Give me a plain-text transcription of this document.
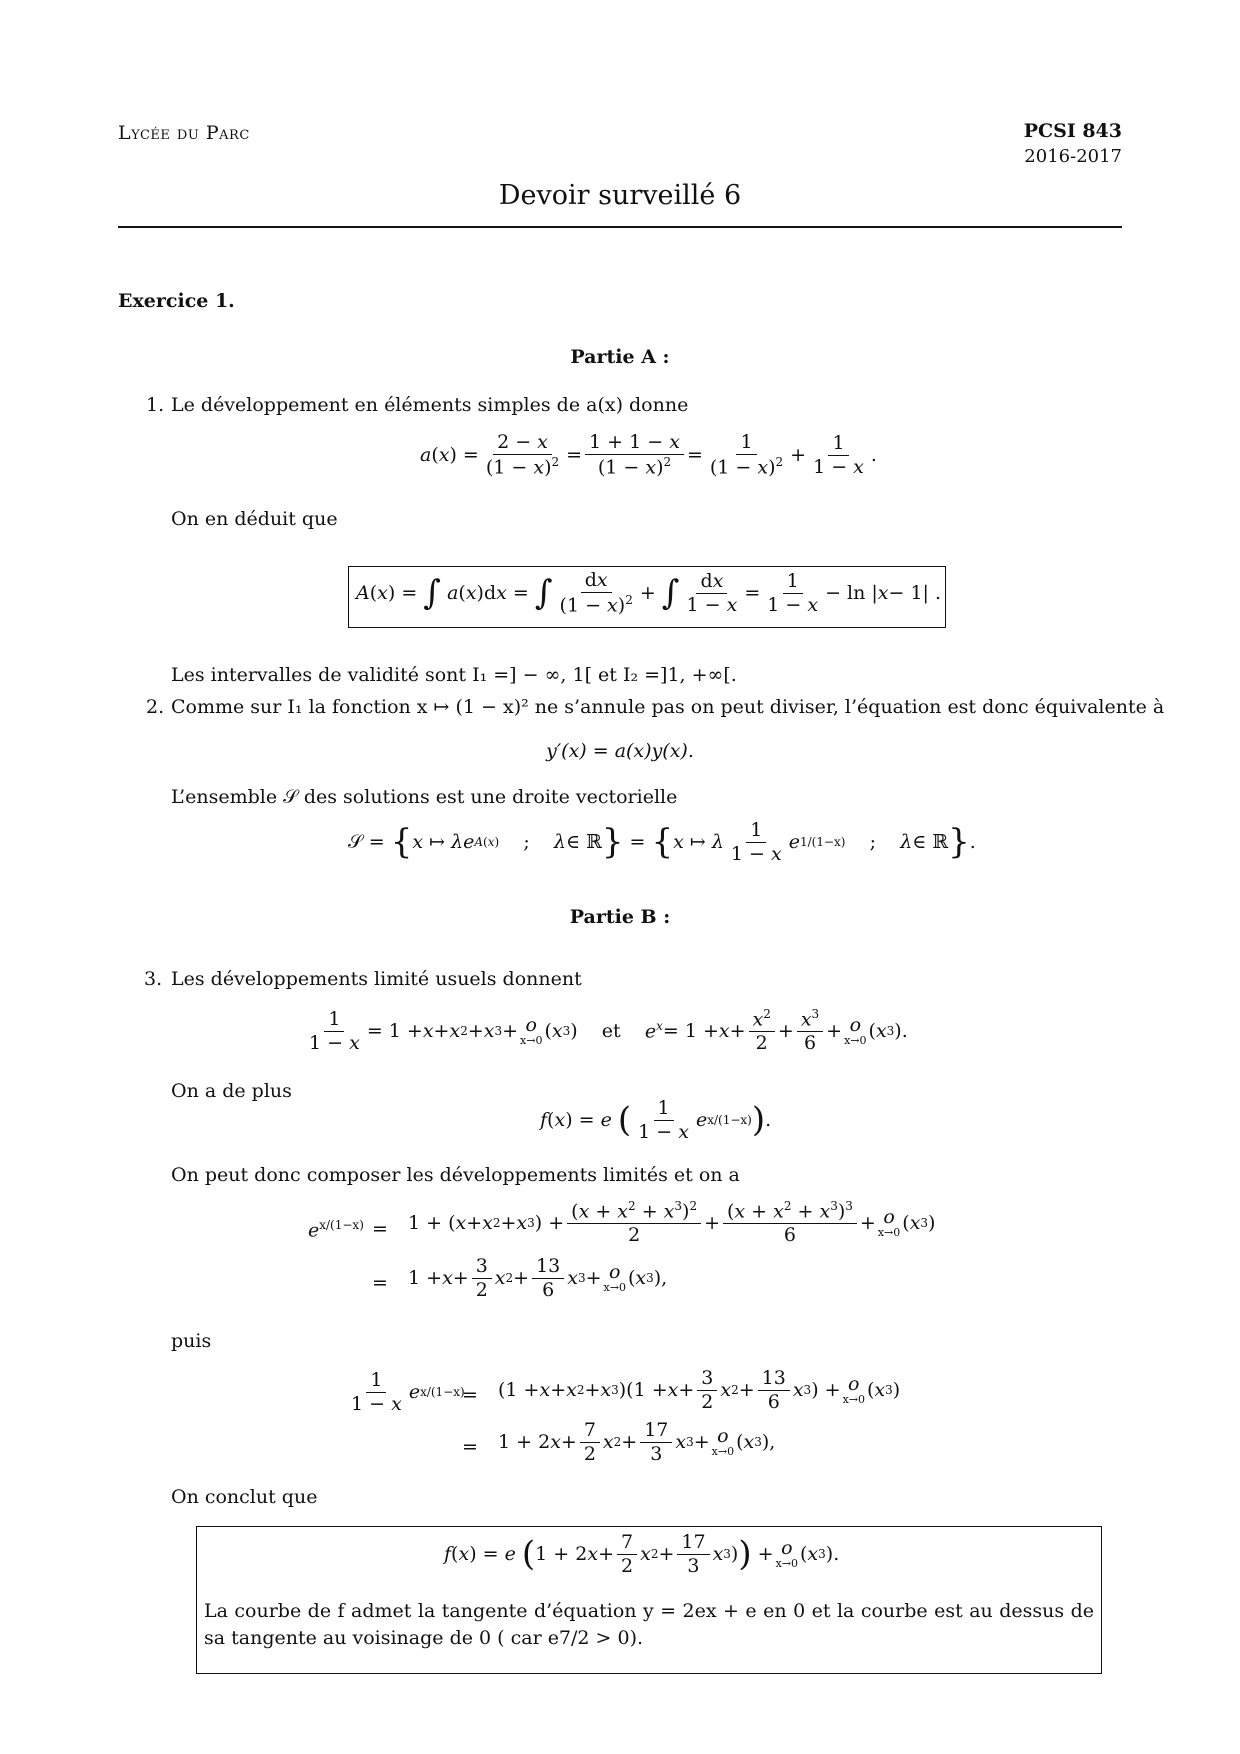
Lycée du Parc	PCSI 843
2016-2017
Devoir surveillé 6
Exercice 1.
Partie A :
1. Le développement en éléments simples de a(x) donne
a ( x ) = $\frac{2 - x}{(1 - x)^2} = \frac{1 + 1 - x}{(1 - x)^2} = \frac{1}{(1 - x)^2} + \frac{1}{1 - x}$ .
On en déduit que
A ( x ) = ∫
a ( x )d x = ∫ $\frac{dx}{(1 - x)^2}$ + ∫ $\frac{dx}{1 - x} = \frac{1}{1 - x} - \ln$ | x − 1| .
Les intervalles de validité sont I₁ =] − ∞, 1[ et I₂ =]1, +∞[.
2. Comme sur I₁ la fonction x ↦ (1 − x)² ne s’annule pas on peut diviser, l’équation est donc équivalente à
y′(x) = a(x)y(x).
L’ensemble 𝒮 des solutions est une droite vectorielle
𝒮 = { x ↦ λe A(x) ; λ ∈ ℝ } = { x ↦ λ $\frac{1}{1 - x}$ e 1/(1−x) ; λ ∈ ℝ } .
Partie B :
3. Les développements limité usuels donnent
$\frac{1}{1 - x} = 1 + x + x$ 2 + x 3 + o
x→0 ( x 3 )    et $e^x = 1 + x + \frac{x^2}{2} + \frac{x^3}{6} + o$
x→0 ( x 3 ).
On a de plus
f ( x ) = e
( $\frac{1}{1 - x}$ e x/(1−x) ) .
On peut donc composer les développements limités et on a
$e^{x/(1-x)} = 1$ + ( x + x 2 + x 3 ) + $\frac{(x + x^2 + x^3)^2}{2} + \frac{(x + x^2 + x^3)^3}{6} + o$
x→0 ( x 3 )
= $1 + x + \frac{3}{2}$ x $2 + \frac{13}{6}$ x 3 + o
x→0 ( x 3 ),
puis
$\frac{1}{1 - x}$ e x/(1−x)
= (1 + x + x 2 + x 3 )($1 + x + \frac{3}{2}$ x $2 + \frac{13}{6}$ x 3 ) + o
x→0 ( x 3 )
= 1 + 2 $x + \frac{7}{2}$ x $2 + \frac{17}{3}$ x 3 + o
x→0 ( x 3 ),
On conclut que
f ( x ) = e
( 1 + 2 $x + \frac{7}{2}$ x $2 + \frac{17}{3}$ x 3 ) ) + o
x→0 ( x 3 ).
La courbe de f admet la tangente d’équation y = 2ex + e en 0 et la courbe est au dessus de sa tangente au voisinage de 0 ( car e7/2 > 0).
